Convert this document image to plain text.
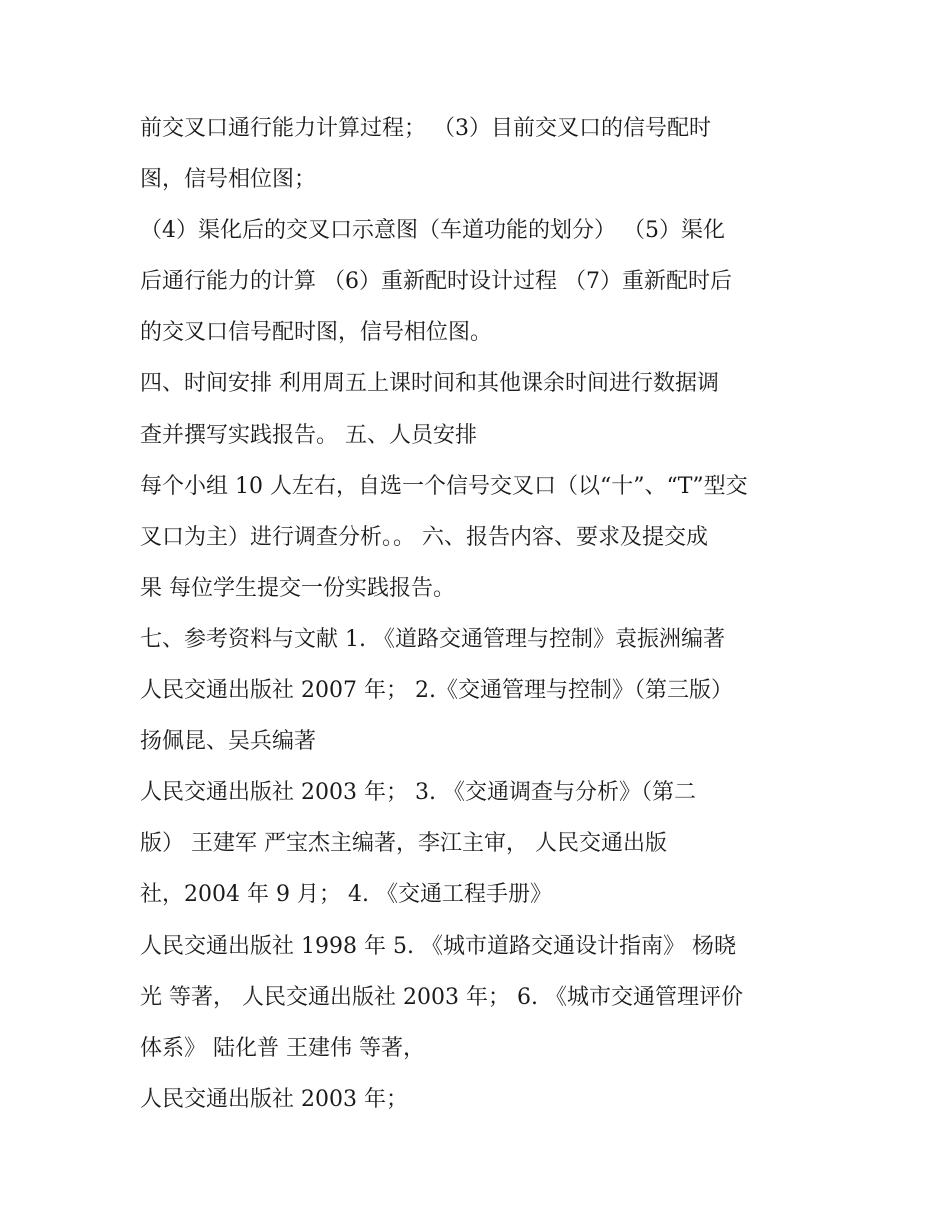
前交叉口通行能力计算过程； （3）目前交叉口的信号配时
图，信号相位图；
（4）渠化后的交叉口示意图（车道功能的划分） （5）渠化
后通行能力的计算 （6）重新配时设计过程 （7）重新配时后
的交叉口信号配时图，信号相位图。
四、时间安排 利用周五上课时间和其他课余时间进行数据调
查并撰写实践报告。 五、人员安排
每个小组 10 人左右，自选一个信号交叉口（以“十”、“T”型交
叉口为主）进行调查分析。。 六、报告内容、要求及提交成
果 每位学生提交一份实践报告。
七、参考资料与文献 1. 《道路交通管理与控制》袁振洲编著
人民交通出版社 2007 年； 2.《交通管理与控制》（第三版）
扬佩昆、吴兵编著
人民交通出版社 2003 年； 3. 《交通调查与分析》（第二
版） 王建军 严宝杰主编著，李江主审， 人民交通出版
社，2004 年 9 月； 4. 《交通工程手册》
人民交通出版社 1998 年 5. 《城市道路交通设计指南》 杨晓
光 等著， 人民交通出版社 2003 年； 6. 《城市交通管理评价
体系》 陆化普 王建伟 等著，
人民交通出版社 2003 年；
